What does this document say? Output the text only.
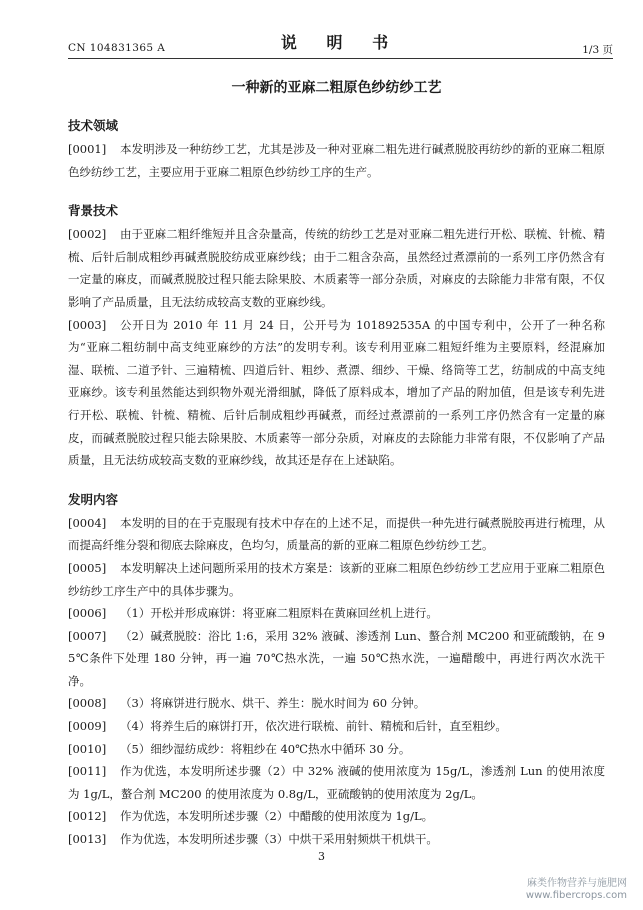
CN 104831365 A	说 明 书	1/3 页
一种新的亚麻二粗原色纱纺纱工艺
技术领域
[0001]	本发明涉及一种纺纱工艺，尤其是涉及一种对亚麻二粗先进行碱煮脱胶再纺纱的新的亚麻二粗原色纱纺纱工艺，主要应用于亚麻二粗原色纱纺纱工序的生产。

背景技术
[0002]	由于亚麻二粗纤维短并且含杂量高，传统的纺纱工艺是对亚麻二粗先进行开松、联梳、针梳、精梳、后针后制成粗纱再碱煮脱胶纺成亚麻纱线；由于二粗含杂高，虽然经过煮漂前的一系列工序仍然含有一定量的麻皮，而碱煮脱胶过程只能去除果胶、木质素等一部分杂质，对麻皮的去除能力非常有限，不仅影响了产品质量，且无法纺成较高支数的亚麻纱线。

[0003]	公开日为 2010 年 11 月 24 日，公开号为 101892535A 的中国专利中，公开了一种名称为“亚麻二粗纺制中高支纯亚麻纱的方法”的发明专利。该专利用亚麻二粗短纤维为主要原料，经混麻加湿、联梳、二道予针、三遍精梳、四道后针、粗纱、煮漂、细纱、干燥、络筒等工艺，纺制成的中高支纯亚麻纱。该专利虽然能达到织物外观光滑细腻，降低了原料成本，增加了产品的附加值，但是该专利先进行开松、联梳、针梳、精梳、后针后制成粗纱再碱煮，而经过煮漂前的一系列工序仍然含有一定量的麻皮，而碱煮脱胶过程只能去除果胶、木质素等一部分杂质，对麻皮的去除能力非常有限，不仅影响了产品质量，且无法纺成较高支数的亚麻纱线，故其还是存在上述缺陷。

发明内容
[0004]	本发明的目的在于克服现有技术中存在的上述不足，而提供一种先进行碱煮脱胶再进行梳理，从而提高纤维分裂和彻底去除麻皮，色均匀，质量高的新的亚麻二粗原色纱纺纱工艺。

[0005]	本发明解决上述问题所采用的技术方案是：该新的亚麻二粗原色纱纺纱工艺应用于亚麻二粗原色纱纺纱工序生产中的具体步骤为。

[0006]	（1）开松并形成麻饼：将亚麻二粗原料在黄麻回丝机上进行。

[0007]	（2）碱煮脱胶：浴比 1:6，采用 32% 液碱、渗透剂 Lun、螯合剂 MC200 和亚硫酸钠，在 95℃条件下处理 180 分钟，再一遍 70℃热水洗，一遍 50℃热水洗，一遍醋酸中，再进行两次水洗干净。

[0008]	（3）将麻饼进行脱水、烘干、养生：脱水时间为 60 分钟。

[0009]	（4）将养生后的麻饼打开，依次进行联梳、前针、精梳和后针，直至粗纱。

[0010]	（5）细纱湿纺成纱：将粗纱在 40℃热水中循环 30 分。

[0011]	作为优选，本发明所述步骤（2）中 32% 液碱的使用浓度为 15g/L，渗透剂 Lun 的使用浓度为 1g/L，螯合剂 MC200 的使用浓度为 0.8g/L，亚硫酸钠的使用浓度为 2g/L。

[0012]	作为优选，本发明所述步骤（2）中醋酸的使用浓度为 1g/L。

[0013]	作为优选，本发明所述步骤（3）中烘干采用射频烘干机烘干。

3
麻类作物营养与施肥网
www.fibercrops.com
